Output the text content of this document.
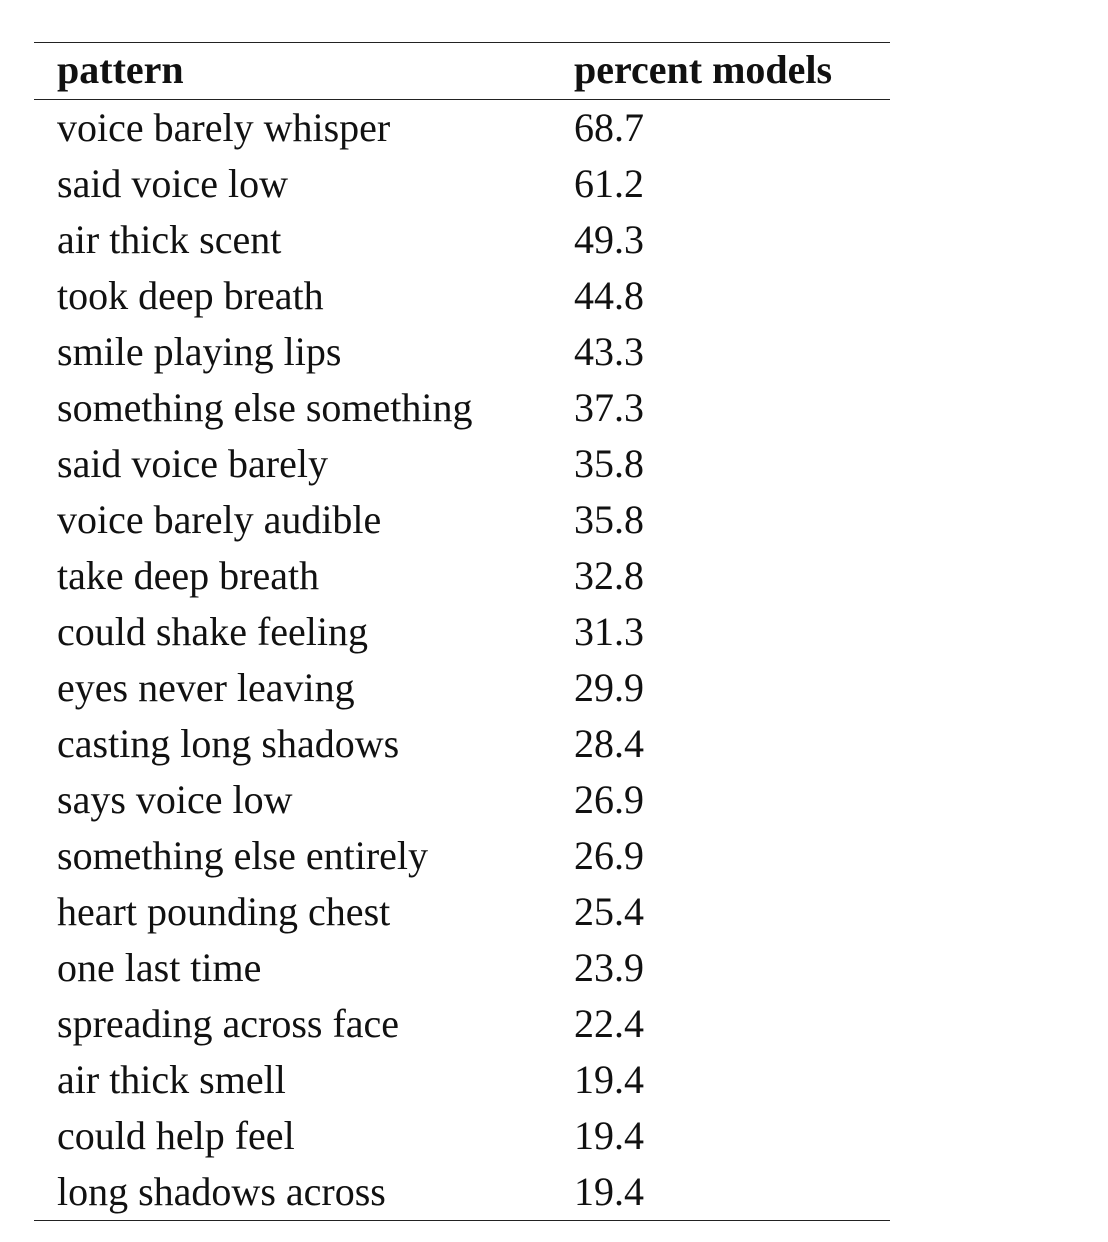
pattern	percent models
voice barely whisper	68.7
said voice low	61.2
air thick scent	49.3
took deep breath	44.8
smile playing lips	43.3
something else something	37.3
said voice barely	35.8
voice barely audible	35.8
take deep breath	32.8
could shake feeling	31.3
eyes never leaving	29.9
casting long shadows	28.4
says voice low	26.9
something else entirely	26.9
heart pounding chest	25.4
one last time	23.9
spreading across face	22.4
air thick smell	19.4
could help feel	19.4
long shadows across	19.4
